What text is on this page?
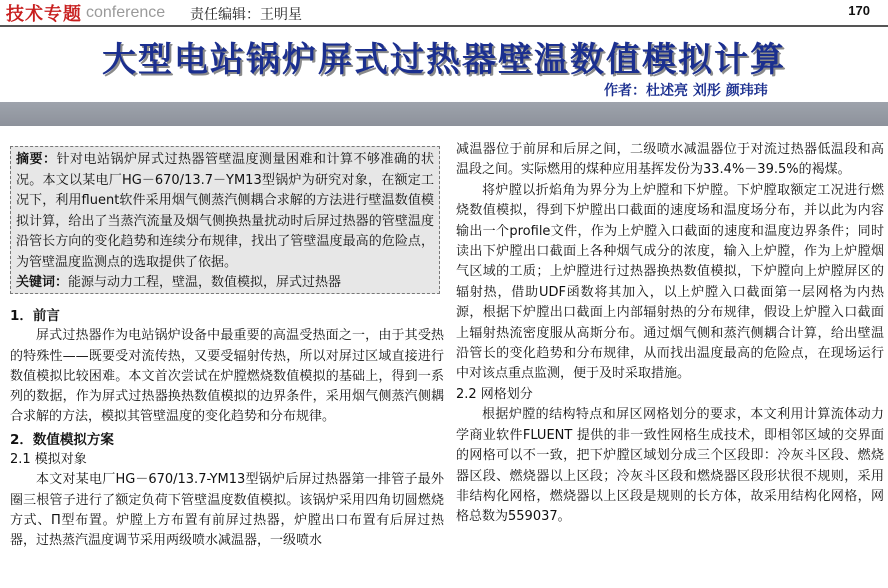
技术专题 conference 责任编辑：王明星	170
大型电站锅炉屏式过热器壁温数值模拟计算
作者：杜述亮 刘彤 颜玮玮

摘要：针对电站锅炉屏式过热器管壁温度测量困难和计算不够准确的状况。本文以某电厂HG－670/13.7－YM13型锅炉为研究对象，在额定工况下，利用fluent软件采用烟气侧蒸汽侧耦合求解的方法进行壁温数值模拟计算，给出了当蒸汽流量及烟气侧换热量扰动时后屏过热器的管壁温度沿管长方向的变化趋势和连续分布规律，找出了管壁温度最高的危险点，为管壁温度监测点的选取提供了依据。

关键词：能源与动力工程，壁温，数值模拟，屏式过热器

1．前言

屏式过热器作为电站锅炉设备中最重要的高温受热面之一，由于其受热的特殊性——既要受对流传热，又要受辐射传热，所以对屏过区域直接进行数值模拟比较困难。本文首次尝试在炉膛燃烧数值模拟的基础上，得到一系列的数据，作为屏式过热器换热数值模拟的边界条件，采用烟气侧蒸汽侧耦合求解的方法，模拟其管壁温度的变化趋势和分布规律。

2．数值模拟方案

2.1 模拟对象

本文对某电厂HG－670/13.7-YM13型锅炉后屏过热器第一排管子最外圈三根管子进行了额定负荷下管壁温度数值模拟。该锅炉采用四角切圆燃烧方式、П型布置。炉膛上方布置有前屏过热器，炉膛出口布置有后屏过热器，过热蒸汽温度调节采用两级喷水减温器，一级喷水

减温器位于前屏和后屏之间，二级喷水减温器位于对流过热器低温段和高温段之间。实际燃用的煤种应用基挥发份为33.4%－39.5%的褐煤。

将炉膛以折焰角为界分为上炉膛和下炉膛。下炉膛取额定工况进行燃烧数值模拟，得到下炉膛出口截面的速度场和温度场分布，并以此为内容输出一个profile文件，作为上炉膛入口截面的速度和温度边界条件；同时读出下炉膛出口截面上各种烟气成分的浓度，输入上炉膛，作为上炉膛烟气区域的工质；上炉膛进行过热器换热数值模拟，下炉膛向上炉膛屏区的辐射热，借助UDF函数将其加入，以上炉膛入口截面第一层网格为内热源，根据下炉膛出口截面上内部辐射热的分布规律，假设上炉膛入口截面上辐射热流密度服从高斯分布。通过烟气侧和蒸汽侧耦合计算，给出壁温沿管长的变化趋势和分布规律，从而找出温度最高的危险点，在现场运行中对该点重点监测，便于及时采取措施。

2.2 网格划分

根据炉膛的结构特点和屏区网格划分的要求，本文利用计算流体动力学商业软件FLUENT 提供的非一致性网格生成技术，即相邻区域的交界面的网格可以不一致，把下炉膛区域划分成三个区段即：冷灰斗区段、燃烧器区段、燃烧器以上区段；冷灰斗区段和燃烧器区段形状很不规则，采用非结构化网格，燃烧器以上区段是规则的长方体，故采用结构化网格，网格总数为559037。
